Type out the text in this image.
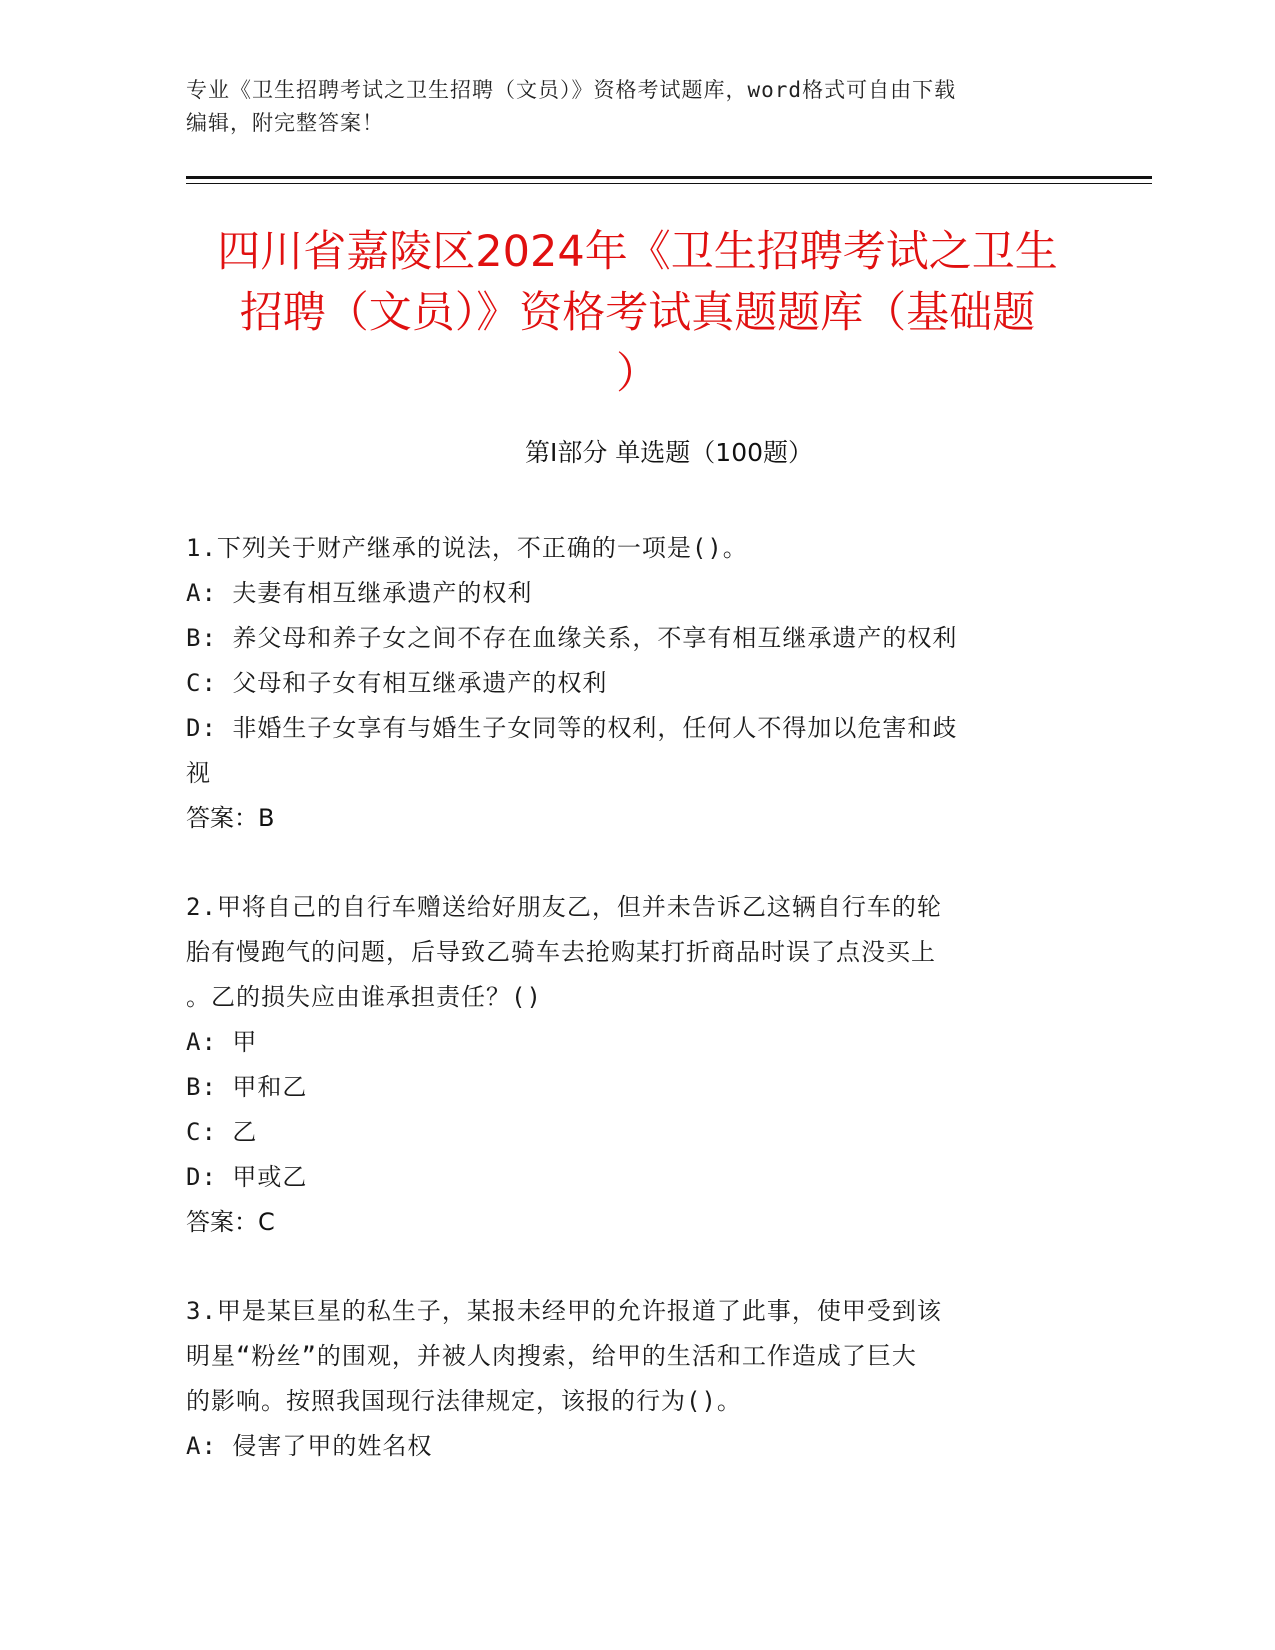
专业《卫生招聘考试之卫生招聘（文员）》资格考试题库，word格式可自由下载
编辑，附完整答案！
四川省嘉陵区2024年《卫生招聘考试之卫生
招聘（文员）》资格考试真题题库（基础题
）
第Ⅰ部分 单选题（100题）

1.下列关于财产继承的说法，不正确的一项是()。

A: 夫妻有相互继承遗产的权利

B: 养父母和养子女之间不存在血缘关系，不享有相互继承遗产的权利

C: 父母和子女有相互继承遗产的权利

D: 非婚生子女享有与婚生子女同等的权利，任何人不得加以危害和歧

视

答案：B

2.甲将自己的自行车赠送给好朋友乙，但并未告诉乙这辆自行车的轮

胎有慢跑气的问题，后导致乙骑车去抢购某打折商品时误了点没买上

。乙的损失应由谁承担责任？()

A: 甲

B: 甲和乙

C: 乙

D: 甲或乙

答案：C

3.甲是某巨星的私生子，某报未经甲的允许报道了此事，使甲受到该

明星“粉丝”的围观，并被人肉搜索，给甲的生活和工作造成了巨大

的影响。按照我国现行法律规定，该报的行为()。

A: 侵害了甲的姓名权
